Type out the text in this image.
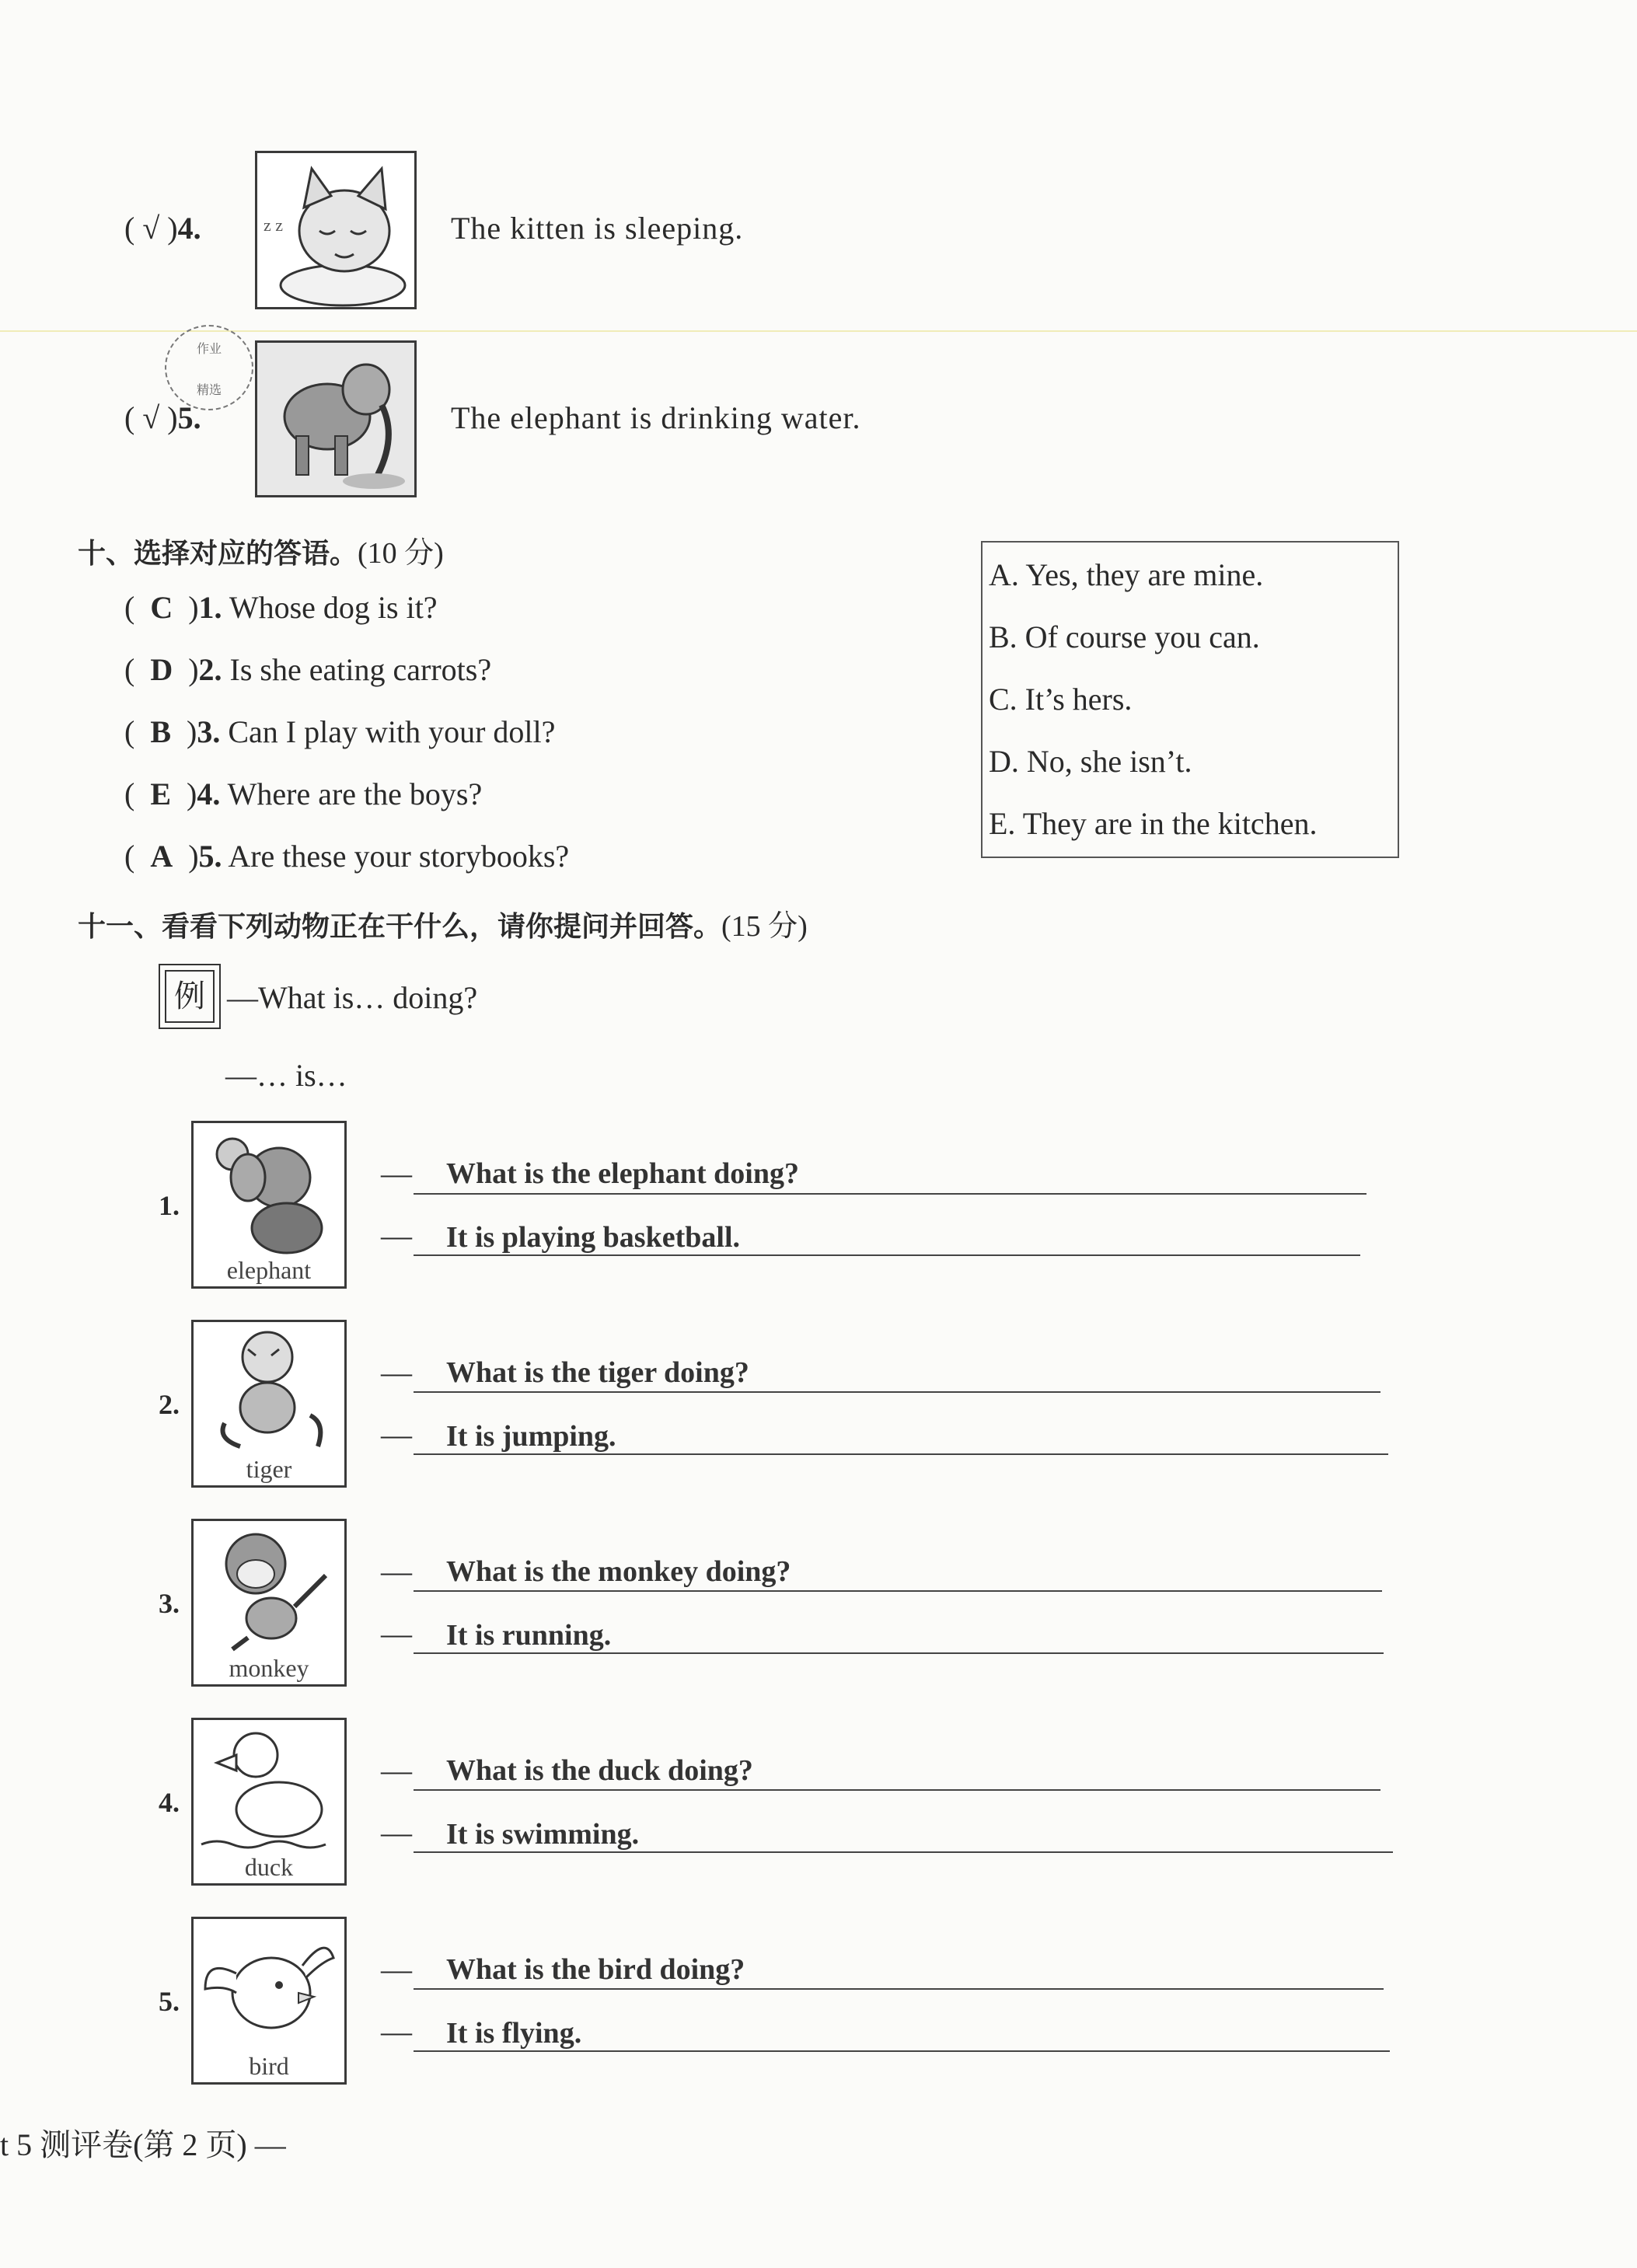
( √ )4.	z z	The kitten is sleeping.
作业
精选
( √ )5.	The elephant is drinking water.
十、选择对应的答语。(10 分)
(  C  )1. Whose dog is it?
(  D  )2. Is she eating carrots?
(  B  )3. Can I play with your doll?
(  E  )4. Where are the boys?
(  A  )5. Are these your storybooks?
A. Yes, they are mine.
B. Of course you can.
C. It’s hers.
D. No, she isn’t.
E. They are in the kitchen.
十一、看看下列动物正在干什么，请你提问并回答。(15 分)
例 —What is… doing?
—… is…
1.
elephant
— What is the elephant doing?
— It is playing basketball.
2.
tiger
— What is the tiger doing?
— It is jumping.
3.
monkey
— What is the monkey doing?
— It is running.
4.
duck
— What is the duck doing?
— It is swimming.
5.
bird
— What is the bird doing?
— It is flying.
t 5 测评卷(第 2 页) —
